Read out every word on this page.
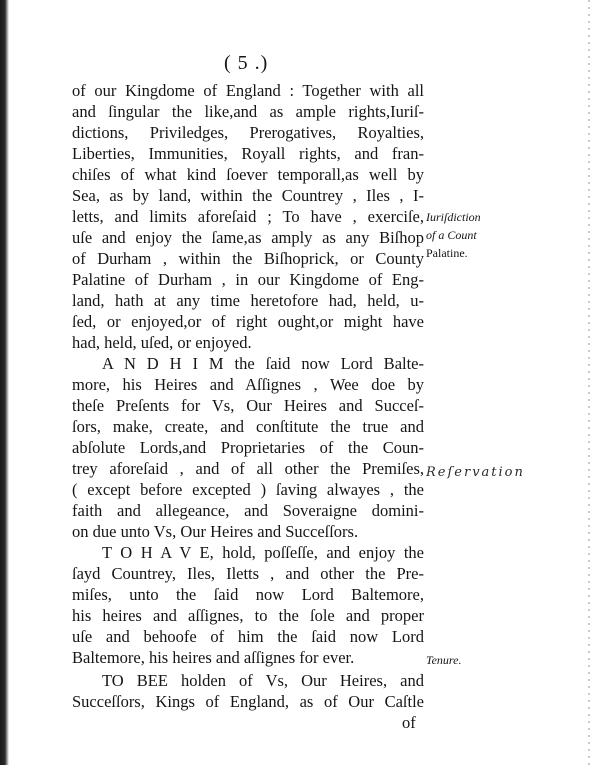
( 5 .)
of our Kingdome of England : Together with all
and ſingular the like,and as ample rights,Iuriſ-
dictions, Priviledges, Prerogatives, Royalties,
Liberties, Immunities, Royall rights, and fran-
chiſes of what kind ſoever temporall,as well by
Sea, as by land, within the Countrey , Iles , I-
letts, and limits aforeſaid ; To have , exerciſe,
uſe and enjoy the ſame,as amply as any Biſhop
of Durham , within the Biſhoprick, or County
Palatine of Durham , in our Kingdome of Eng-
land, hath at any time heretofore had, held, u-
ſed, or enjoyed,or of right ought,or might have
had, held, uſed, or enjoyed.
A N D H I M the ſaid now Lord Balte-
more, his Heires and Aſſignes , Wee doe by
theſe Preſents for Vs, Our Heires and Succeſ-
ſors, make, create, and conſtitute the true and
abſolute Lords,and Proprietaries of the Coun-
trey aforeſaid , and of all other the Premiſes,
( except before excepted ) ſaving alwayes , the
faith and allegeance, and Soveraigne domini-
on due unto Vs, Our Heires and Succeſſors.
T O H A V E, hold, poſſeſſe, and enjoy the
ſayd Countrey, Iles, Iletts , and other the Pre-
miſes, unto the ſaid now Lord Baltemore,
his heires and aſſignes, to the ſole and proper
uſe and behoofe of him the ſaid now Lord
Baltemore, his heires and aſſignes for ever.
TO BEE holden of Vs, Our Heires, and
Succeſſors, Kings of England, as of Our Caſtle
of
Iuriſdiction
of a Count
Palatine.
Reſervation
Tenure.
